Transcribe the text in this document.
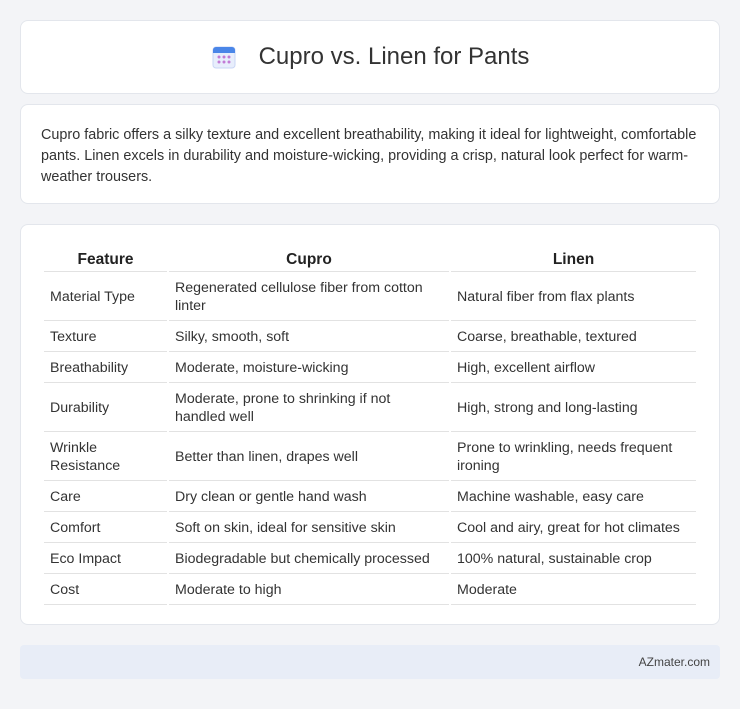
Cupro vs. Linen for Pants

Cupro fabric offers a silky texture and excellent breathability, making it ideal for lightweight, comfortable pants. Linen excels in durability and moisture-wicking, providing a crisp, natural look perfect for warm-weather trousers.

Feature	Cupro	Linen
Material Type	Regenerated cellulose fiber from cotton linter	Natural fiber from flax plants
Texture	Silky, smooth, soft	Coarse, breathable, textured
Breathability	Moderate, moisture-wicking	High, excellent airflow
Durability	Moderate, prone to shrinking if not handled well	High, strong and long-lasting
Wrinkle Resistance	Better than linen, drapes well	Prone to wrinkling, needs frequent ironing
Care	Dry clean or gentle hand wash	Machine washable, easy care
Comfort	Soft on skin, ideal for sensitive skin	Cool and airy, great for hot climates
Eco Impact	Biodegradable but chemically processed	100% natural, sustainable crop
Cost	Moderate to high	Moderate
AZmater.com
